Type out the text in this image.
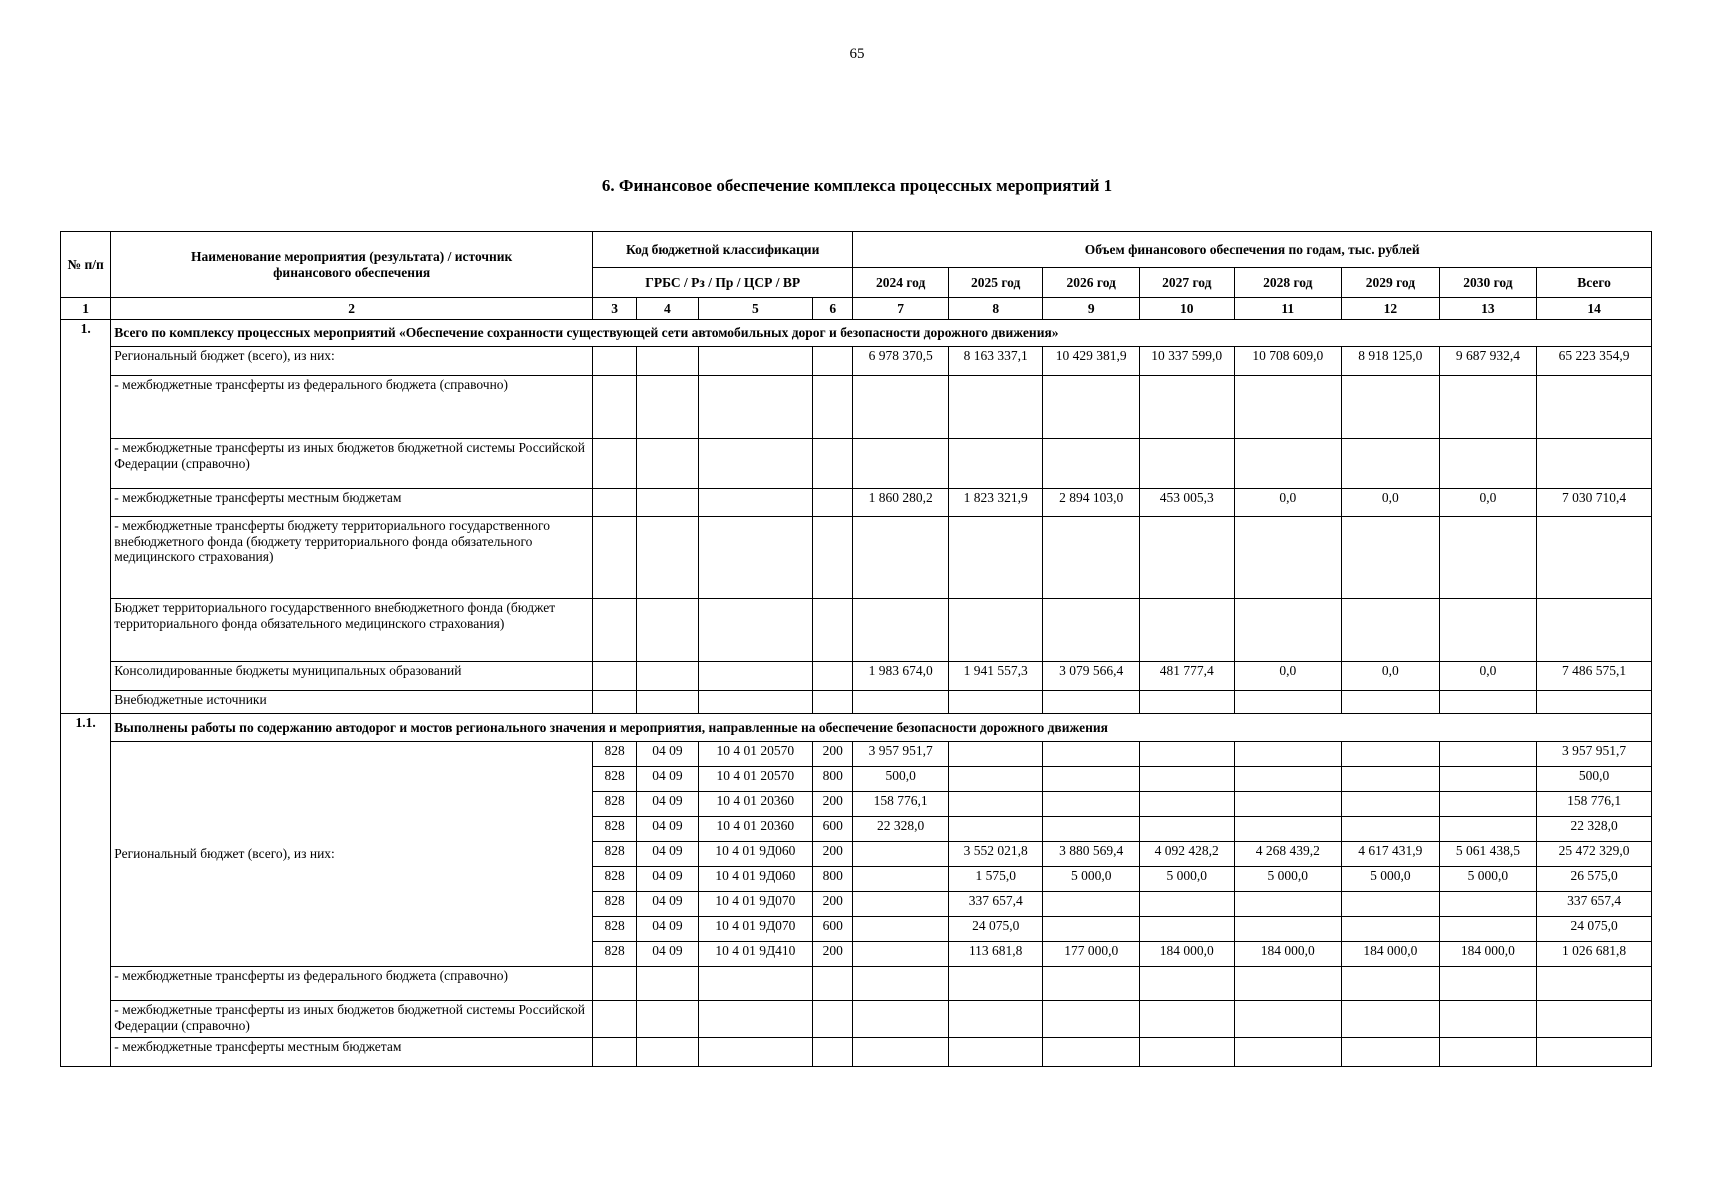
65
6. Финансовое обеспечение комплекса процессных мероприятий 1
№ п/п	Наименование мероприятия (результата) / источник финансового обеспечения	Код бюджетной классификации				Объем финансового обеспечения по годам, тыс. рублей							
		ГРБС / Рз / Пр / ЦСР / ВР				2024 год	2025 год	2026 год	2027 год	2028 год	2029 год	2030 год	Всего
1	2	3	4	5	6	7	8	9	10	11	12	13	14
1.	Всего по комплексу процессных мероприятий «Обеспечение сохранности существующей сети автомобильных дорог и безопасности дорожного движения»												
	Региональный бюджет (всего), из них:					6 978 370,5	8 163 337,1	10 429 381,9	10 337 599,0	10 708 609,0	8 918 125,0	9 687 932,4	65 223 354,9
	- межбюджетные трансферты из федерального бюджета (справочно)												
	- межбюджетные трансферты из иных бюджетов бюджетной системы Российской Федерации (справочно)												
	- межбюджетные трансферты местным бюджетам					1 860 280,2	1 823 321,9	2 894 103,0	453 005,3	0,0	0,0	0,0	7 030 710,4
	- межбюджетные трансферты бюджету территориального государственного внебюджетного фонда (бюджету территориального фонда обязательного медицинского страхования)												
	Бюджет территориального государственного внебюджетного фонда (бюджет территориального фонда обязательного медицинского страхования)												
	Консолидированные бюджеты муниципальных образований					1 983 674,0	1 941 557,3	3 079 566,4	481 777,4	0,0	0,0	0,0	7 486 575,1
	Внебюджетные источники												
1.1.	Выполнены работы по содержанию автодорог и мостов регионального значения и мероприятия, направленные на обеспечение безопасности дорожного движения												
	Региональный бюджет (всего), из них:	828	04 09	10 4 01 20570	200	3 957 951,7							3 957 951,7
		828	04 09	10 4 01 20570	800	500,0							500,0
		828	04 09	10 4 01 20360	200	158 776,1							158 776,1
		828	04 09	10 4 01 20360	600	22 328,0							22 328,0
		828	04 09	10 4 01 9Д060	200		3 552 021,8	3 880 569,4	4 092 428,2	4 268 439,2	4 617 431,9	5 061 438,5	25 472 329,0
		828	04 09	10 4 01 9Д060	800		1 575,0	5 000,0	5 000,0	5 000,0	5 000,0	5 000,0	26 575,0
		828	04 09	10 4 01 9Д070	200		337 657,4						337 657,4
		828	04 09	10 4 01 9Д070	600		24 075,0						24 075,0
		828	04 09	10 4 01 9Д410	200		113 681,8	177 000,0	184 000,0	184 000,0	184 000,0	184 000,0	1 026 681,8
	- межбюджетные трансферты из федерального бюджета (справочно)												
	- межбюджетные трансферты из иных бюджетов бюджетной системы Российской Федерации (справочно)												
	- межбюджетные трансферты местным бюджетам												
